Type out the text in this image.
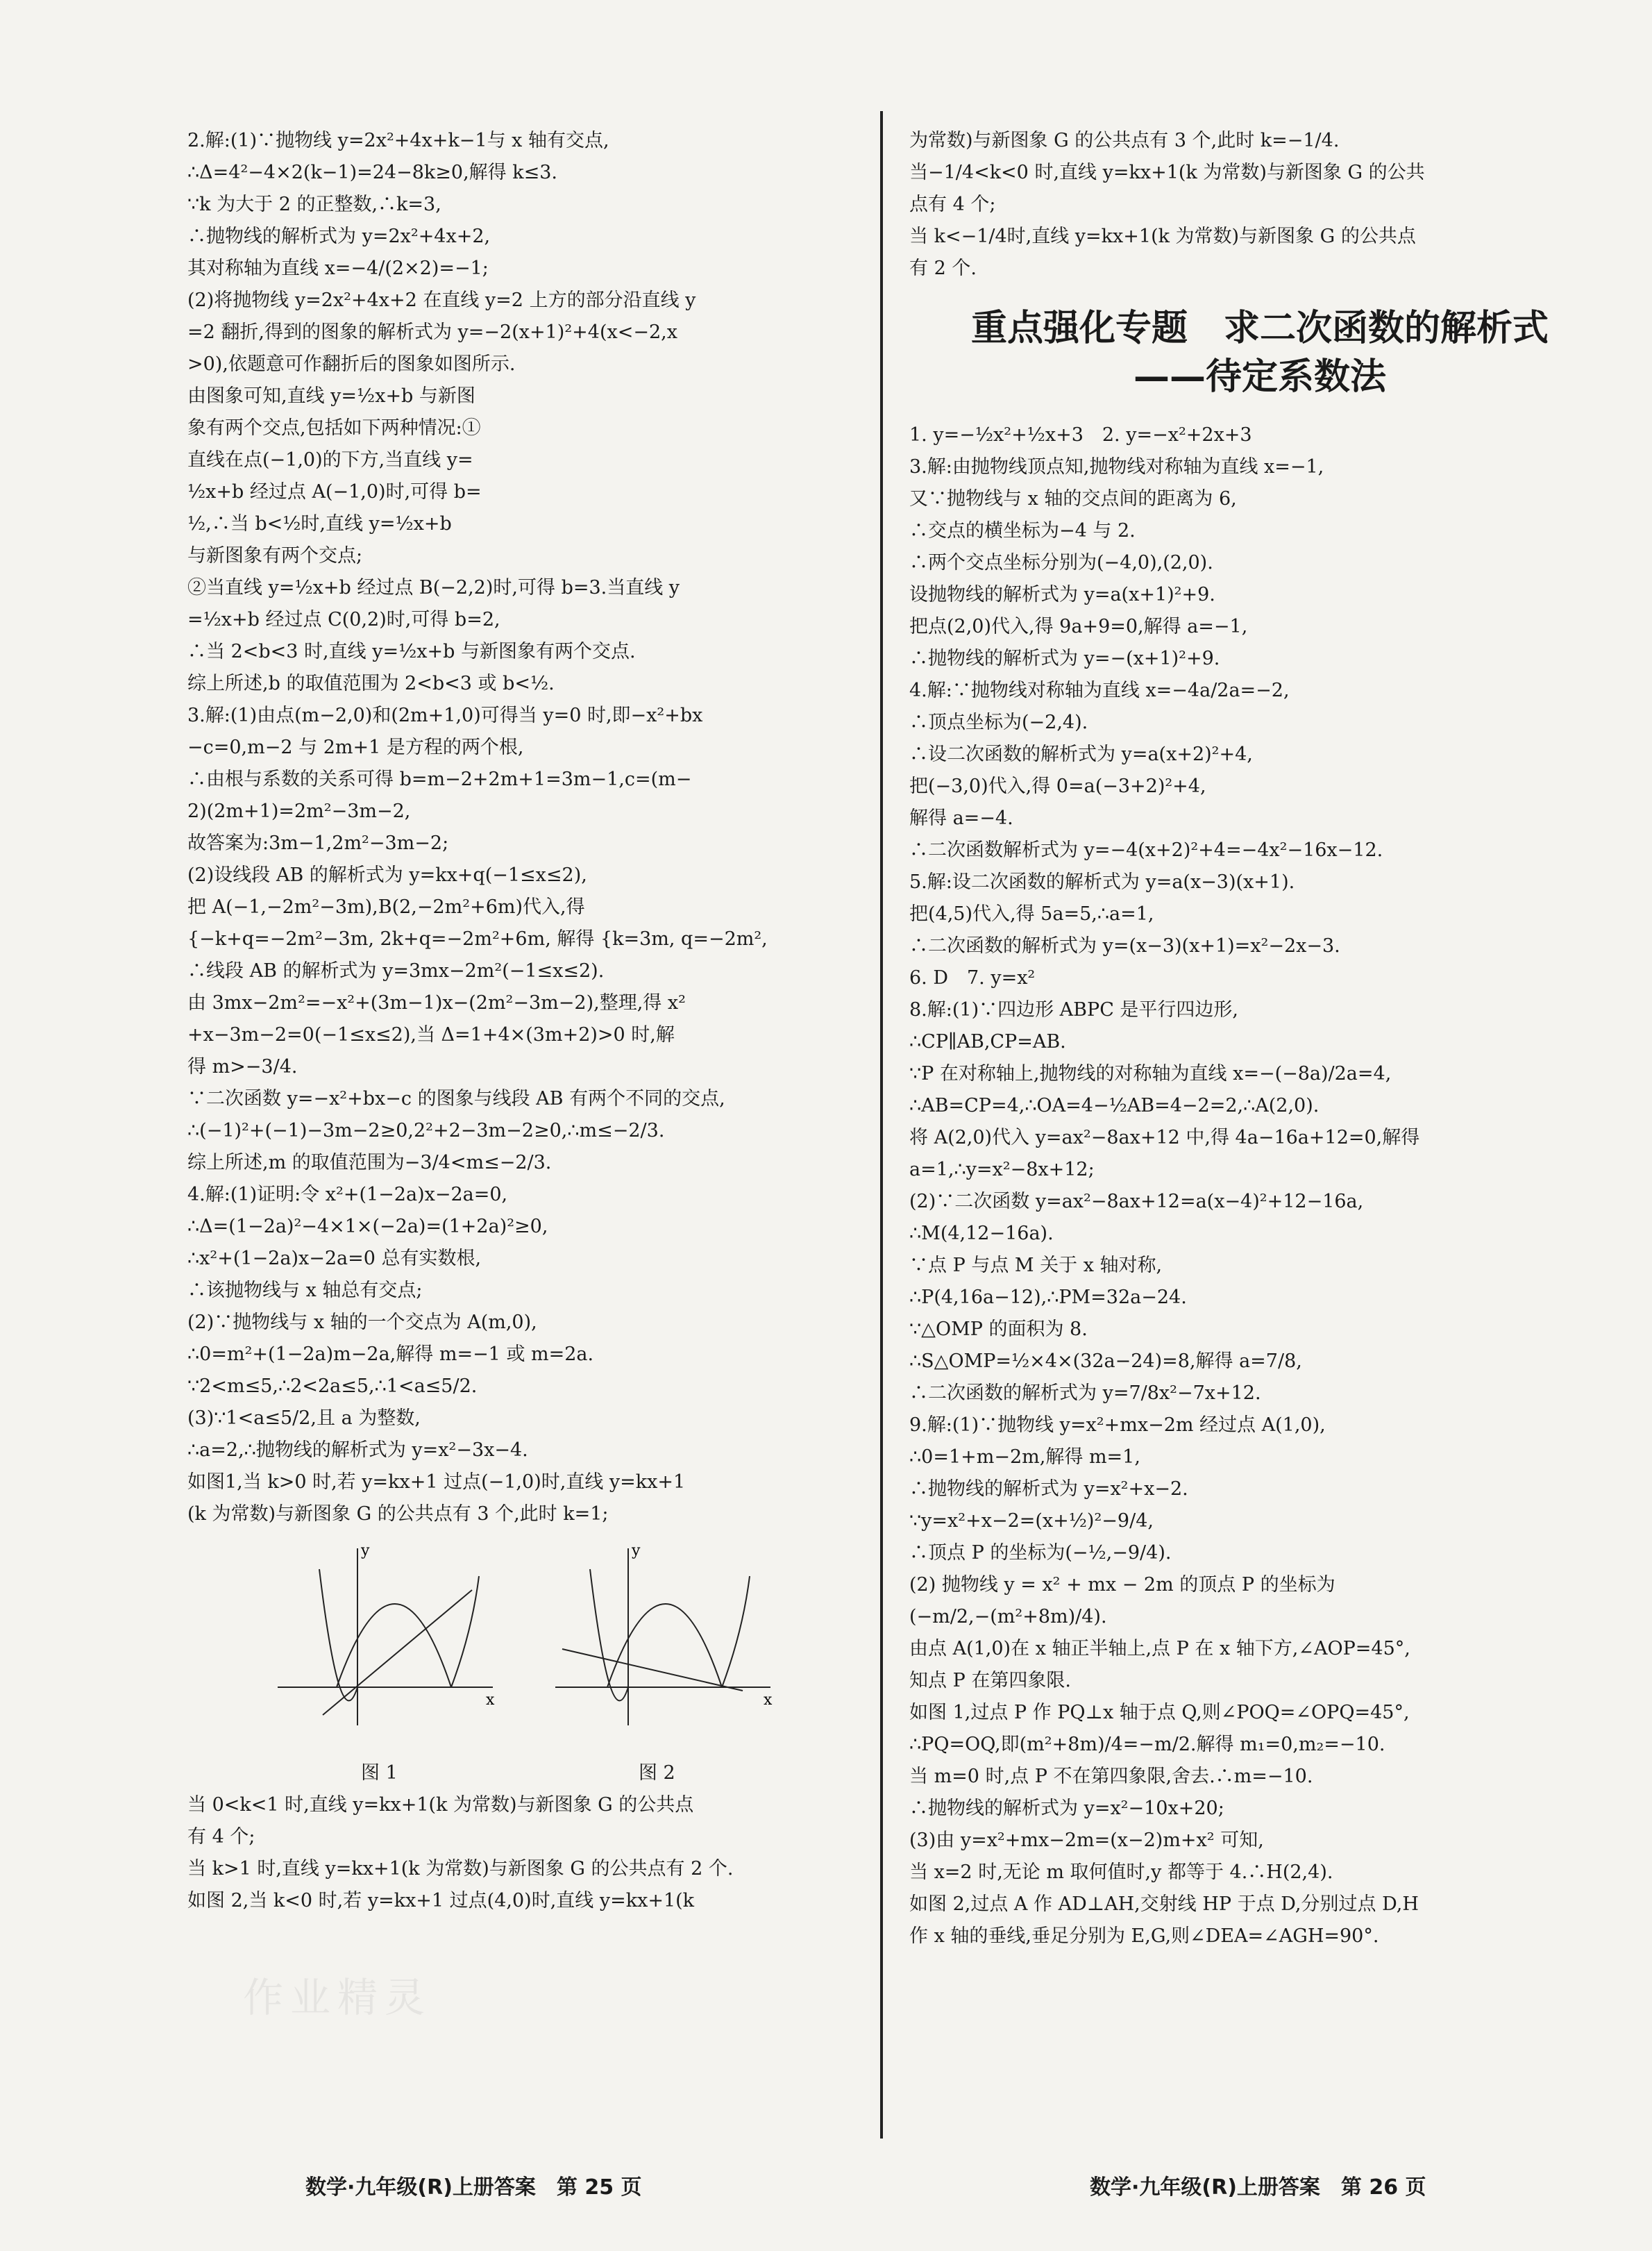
2.解:(1)∵抛物线 y=2x²+4x+k−1与 x 轴有交点,
∴Δ=4²−4×2(k−1)=24−8k≥0,解得 k≤3.
∵k 为大于 2 的正整数,∴k=3,
∴抛物线的解析式为 y=2x²+4x+2,
其对称轴为直线 x=−4/(2×2)=−1;
(2)将抛物线 y=2x²+4x+2 在直线 y=2 上方的部分沿直线 y
=2 翻折,得到的图象的解析式为 y=−2(x+1)²+4(x<−2,x
>0),依题意可作翻折后的图象如图所示.
由图象可知,直线 y=½x+b 与新图
象有两个交点,包括如下两种情况:①
直线在点(−1,0)的下方,当直线 y=
½x+b 经过点 A(−1,0)时,可得 b=
½,∴当 b<½时,直线 y=½x+b
与新图象有两个交点;
②当直线 y=½x+b 经过点 B(−2,2)时,可得 b=3.当直线 y
=½x+b 经过点 C(0,2)时,可得 b=2,
∴当 2<b<3 时,直线 y=½x+b 与新图象有两个交点.
综上所述,b 的取值范围为 2<b<3 或 b<½.
3.解:(1)由点(m−2,0)和(2m+1,0)可得当 y=0 时,即−x²+bx
−c=0,m−2 与 2m+1 是方程的两个根,
∴由根与系数的关系可得 b=m−2+2m+1=3m−1,c=(m−
2)(2m+1)=2m²−3m−2,
故答案为:3m−1,2m²−3m−2;
(2)设线段 AB 的解析式为 y=kx+q(−1≤x≤2),
把 A(−1,−2m²−3m),B(2,−2m²+6m)代入,得
{−k+q=−2m²−3m, 2k+q=−2m²+6m, 解得 {k=3m, q=−2m²,
∴线段 AB 的解析式为 y=3mx−2m²(−1≤x≤2).
由 3mx−2m²=−x²+(3m−1)x−(2m²−3m−2),整理,得 x²
+x−3m−2=0(−1≤x≤2),当 Δ=1+4×(3m+2)>0 时,解
得 m>−3/4.
∵二次函数 y=−x²+bx−c 的图象与线段 AB 有两个不同的交点,
∴(−1)²+(−1)−3m−2≥0,2²+2−3m−2≥0,∴m≤−2/3.
综上所述,m 的取值范围为−3/4<m≤−2/3.
4.解:(1)证明:令 x²+(1−2a)x−2a=0,
∴Δ=(1−2a)²−4×1×(−2a)=(1+2a)²≥0,
∴x²+(1−2a)x−2a=0 总有实数根,
∴该抛物线与 x 轴总有交点;
(2)∵抛物线与 x 轴的一个交点为 A(m,0),
∴0=m²+(1−2a)m−2a,解得 m=−1 或 m=2a.
∵2<m≤5,∴2<2a≤5,∴1<a≤5/2.
(3)∵1<a≤5/2,且 a 为整数,
∴a=2,∴抛物线的解析式为 y=x²−3x−4.
如图1,当 k>0 时,若 y=kx+1 过点(−1,0)时,直线 y=kx+1
(k 为常数)与新图象 G 的公共点有 3 个,此时 k=1;
x
y
x
y
图 1	图 2
当 0<k<1 时,直线 y=kx+1(k 为常数)与新图象 G 的公共点
有 4 个;
当 k>1 时,直线 y=kx+1(k 为常数)与新图象 G 的公共点有 2 个.
如图 2,当 k<0 时,若 y=kx+1 过点(4,0)时,直线 y=kx+1(k
为常数)与新图象 G 的公共点有 3 个,此时 k=−1/4.
当−1/4<k<0 时,直线 y=kx+1(k 为常数)与新图象 G 的公共
点有 4 个;
当 k<−1/4时,直线 y=kx+1(k 为常数)与新图象 G 的公共点
有 2 个.
重点强化专题　求二次函数的解析式
——待定系数法
1. y=−½x²+½x+3　2. y=−x²+2x+3
3.解:由抛物线顶点知,抛物线对称轴为直线 x=−1,
又∵抛物线与 x 轴的交点间的距离为 6,
∴交点的横坐标为−4 与 2.
∴两个交点坐标分别为(−4,0),(2,0).
设抛物线的解析式为 y=a(x+1)²+9.
把点(2,0)代入,得 9a+9=0,解得 a=−1,
∴抛物线的解析式为 y=−(x+1)²+9.
4.解:∵抛物线对称轴为直线 x=−4a/2a=−2,
∴顶点坐标为(−2,4).
∴设二次函数的解析式为 y=a(x+2)²+4,
把(−3,0)代入,得 0=a(−3+2)²+4,
解得 a=−4.
∴二次函数解析式为 y=−4(x+2)²+4=−4x²−16x−12.
5.解:设二次函数的解析式为 y=a(x−3)(x+1).
把(4,5)代入,得 5a=5,∴a=1,
∴二次函数的解析式为 y=(x−3)(x+1)=x²−2x−3.
6. D　7. y=x²
8.解:(1)∵四边形 ABPC 是平行四边形,
∴CP∥AB,CP=AB.
∵P 在对称轴上,抛物线的对称轴为直线 x=−(−8a)/2a=4,
∴AB=CP=4,∴OA=4−½AB=4−2=2,∴A(2,0).
将 A(2,0)代入 y=ax²−8ax+12 中,得 4a−16a+12=0,解得
a=1,∴y=x²−8x+12;
(2)∵二次函数 y=ax²−8ax+12=a(x−4)²+12−16a,
∴M(4,12−16a).
∵点 P 与点 M 关于 x 轴对称,
∴P(4,16a−12),∴PM=32a−24.
∵△OMP 的面积为 8.
∴S△OMP=½×4×(32a−24)=8,解得 a=7/8,
∴二次函数的解析式为 y=7/8x²−7x+12.
9.解:(1)∵抛物线 y=x²+mx−2m 经过点 A(1,0),
∴0=1+m−2m,解得 m=1,
∴抛物线的解析式为 y=x²+x−2.
∵y=x²+x−2=(x+½)²−9/4,
∴顶点 P 的坐标为(−½,−9/4).
(2) 抛物线 y = x² + mx − 2m 的顶点 P 的坐标为
(−m/2,−(m²+8m)/4).
由点 A(1,0)在 x 轴正半轴上,点 P 在 x 轴下方,∠AOP=45°,
知点 P 在第四象限.
如图 1,过点 P 作 PQ⊥x 轴于点 Q,则∠POQ=∠OPQ=45°,
∴PQ=OQ,即(m²+8m)/4=−m/2.解得 m₁=0,m₂=−10.
当 m=0 时,点 P 不在第四象限,舍去.∴m=−10.
∴抛物线的解析式为 y=x²−10x+20;
(3)由 y=x²+mx−2m=(x−2)m+x² 可知,
当 x=2 时,无论 m 取何值时,y 都等于 4.∴H(2,4).
如图 2,过点 A 作 AD⊥AH,交射线 HP 于点 D,分别过点 D,H
作 x 轴的垂线,垂足分别为 E,G,则∠DEA=∠AGH=90°.
数学·九年级(R)上册答案　第 25 页	数学·九年级(R)上册答案　第 26 页
作业精灵
